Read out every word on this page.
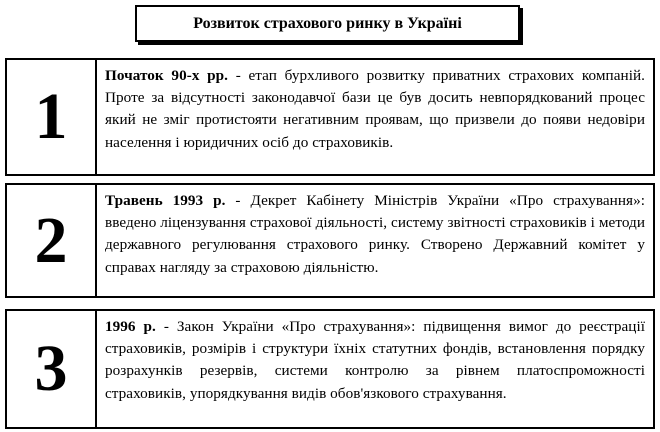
Розвиток страхового ринку в Україні
1
Початок 90-х рр. - етап бурхливого розвитку приватних страхових компаній. Проте за відсутності законодавчої бази це був досить невпорядкований процес який не зміг протистояти негативним проявам, що призвели до появи недовіри населення і юридичних осіб до страховиків.
2
Травень 1993 р. - Декрет Кабінету Міністрів України «Про страхування»: введено ліцензування страхової діяльності, систему звітності страховиків і методи державного регулювання страхового ринку. Створено Державний комітет у справах нагляду за страховою діяльністю.
3
1996 р. - Закон України «Про страхування»: підвищення вимог до реєстрації страховиків, розмірів і структури їхніх статутних фондів, встановлення порядку розрахунків резервів, системи контролю за рівнем платоспроможності страховиків, упорядкування видів обов'язкового страхування.
